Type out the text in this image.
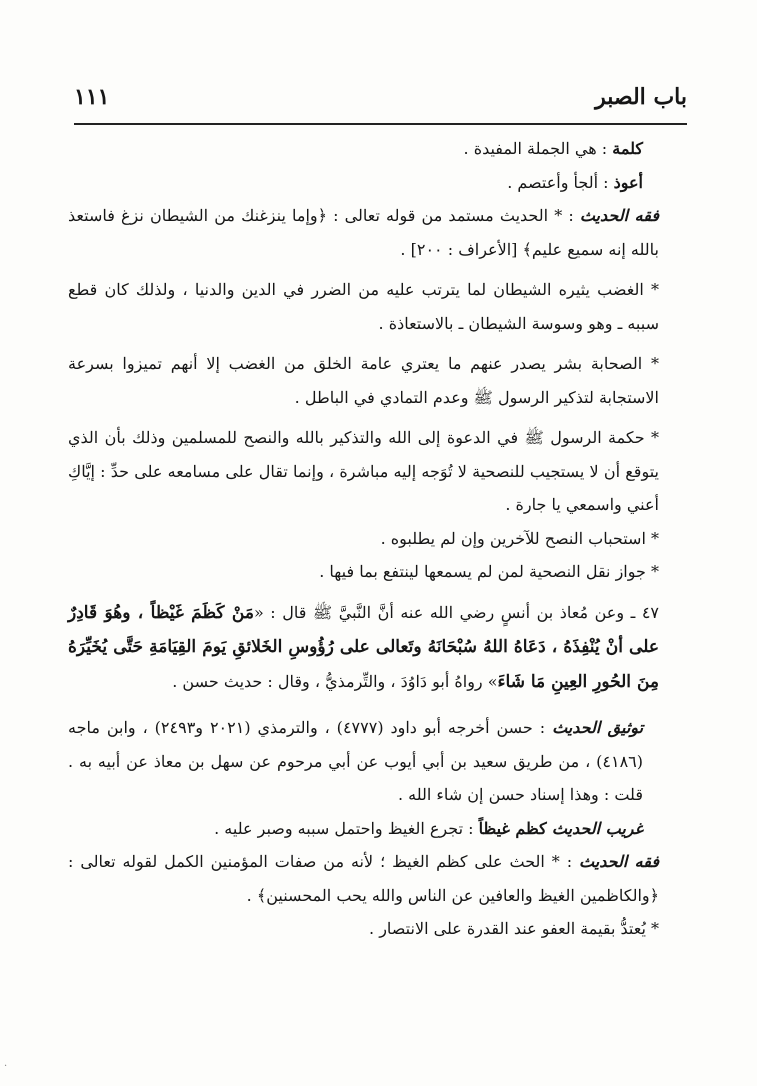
باب الصبر
١١١

كلمة : هي الجملة المفيدة .

أعوذ : ألجأ وأعتصم .

فقه الحديث : * الحديث مستمد من قوله تعالى : ﴿وإما ينزغنك من الشيطان نزغ فاستعذ بالله إنه سميع عليم﴾ [الأعراف : ٢٠٠] .

* الغضب يثيره الشيطان لما يترتب عليه من الضرر في الدين والدنيا ، ولذلك كان قطع سببه ـ وهو وسوسة الشيطان ـ بالاستعاذة .

* الصحابة بشر يصدر عنهم ما يعتري عامة الخلق من الغضب إلا أنهم تميزوا بسرعة الاستجابة لتذكير الرسول ﷺ وعدم التمادي في الباطل .

* حكمة الرسول ﷺ في الدعوة إلى الله والتذكير بالله والنصح للمسلمين وذلك بأن الذي يتوقع أن لا يستجيب للنصحية لا تُوَجه إليه مباشرة ، وإنما تقال على مسامعه على حدِّ : إيَّاكِ أعني واسمعي يا جارة .

* استحباب النصح للآخرين وإن لم يطلبوه .

* جواز نقل النصحية لمن لم يسمعها لينتفع بما فيها .

٤٧ ـ وعن مُعاذ بن أنسٍ رضي الله عنه أنَّ النَّبيَّ ﷺ قال : «مَنْ كَظَمَ غَيْظاً ، وهُوَ قَادِرٌ على أنْ يُنْفِذَهُ ، دَعَاهُ اللهُ سُبْحَانَهُ وتَعالى على رُؤُوسِ الخَلائقِ يَومَ القِيَامَةِ حَتَّى يُخَيِّرَهُ مِنَ الحُورِ العِينِ مَا شَاءَ» رواهُ أبو دَاوُدَ ، والتِّرمذيُّ ، وقال : حديث حسن .

توثيق الحديث : حسن أخرجه أبو داود (٤٧٧٧) ، والترمذي (٢٠٢١ و٢٤٩٣) ، وابن ماجه (٤١٨٦) ، من طريق سعيد بن أبي أيوب عن أبي مرحوم عن سهل بن معاذ عن أبيه به . قلت : وهذا إسناد حسن إن شاء الله .

غريب الحديث كظم غيظاً : تجرع الغيظ واحتمل سببه وصبر عليه .

فقه الحديث : * الحث على كظم الغيظ ؛ لأنه من صفات المؤمنين الكمل لقوله تعالى : ﴿والكاظمين الغيظ والعافين عن الناس والله يحب المحسنين﴾ .

* يُعتدُّ بقيمة العفو عند القدرة على الانتصار .

·
